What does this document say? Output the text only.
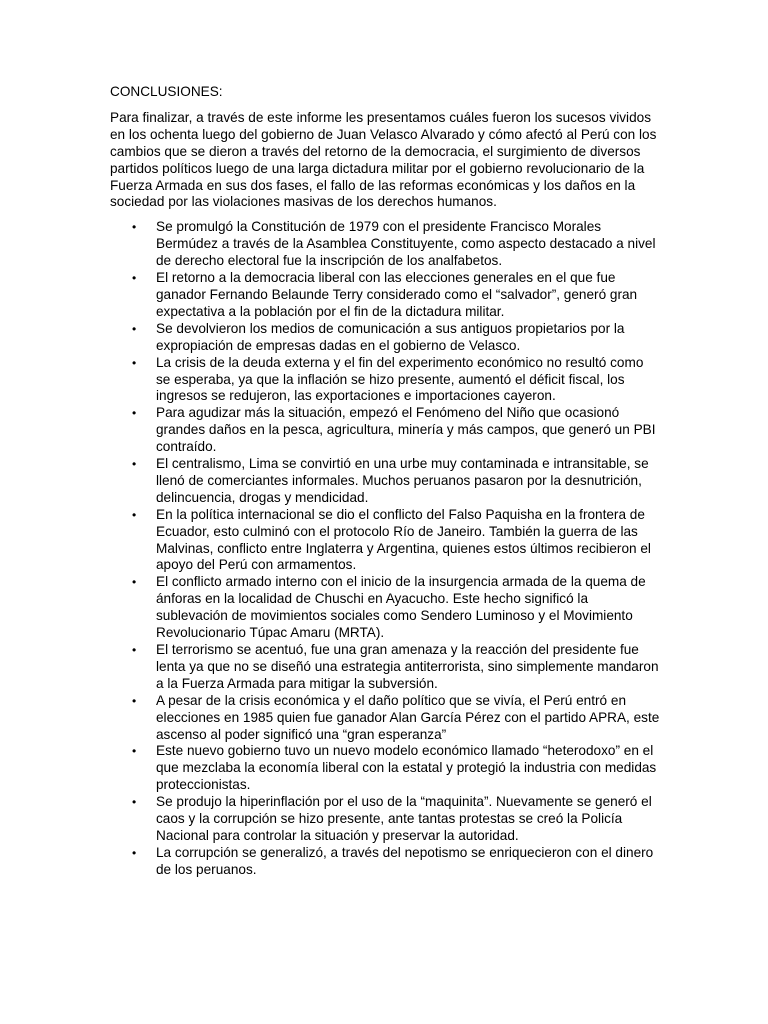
CONCLUSIONES:

Para finalizar, a través de este informe les presentamos cuáles fueron los sucesos vividos en los ochenta luego del gobierno de Juan Velasco Alvarado y cómo afectó al Perú con los cambios que se dieron a través del retorno de la democracia, el surgimiento de diversos partidos políticos luego de una larga dictadura militar por el gobierno revolucionario de la Fuerza Armada en sus dos fases, el fallo de las reformas económicas y los daños en la sociedad por las violaciones masivas de los derechos humanos.

• Se promulgó la Constitución de 1979 con el presidente Francisco Morales Bermúdez a través de la Asamblea Constituyente, como aspecto destacado a nivel de derecho electoral fue la inscripción de los analfabetos.
• El retorno a la democracia liberal con las elecciones generales en el que fue ganador Fernando Belaunde Terry considerado como el “salvador”, generó gran expectativa a la población por el fin de la dictadura militar.
• Se devolvieron los medios de comunicación a sus antiguos propietarios por la expropiación de empresas dadas en el gobierno de Velasco.
• La crisis de la deuda externa y el fin del experimento económico no resultó como se esperaba, ya que la inflación se hizo presente, aumentó el déficit fiscal, los ingresos se redujeron, las exportaciones e importaciones cayeron.
• Para agudizar más la situación, empezó el Fenómeno del Niño que ocasionó grandes daños en la pesca, agricultura, minería y más campos, que generó un PBI contraído.
• El centralismo, Lima se convirtió en una urbe muy contaminada e intransitable, se llenó de comerciantes informales. Muchos peruanos pasaron por la desnutrición, delincuencia, drogas y mendicidad.
• En la política internacional se dio el conflicto del Falso Paquisha en la frontera de Ecuador, esto culminó con el protocolo Río de Janeiro. También la guerra de las Malvinas, conflicto entre Inglaterra y Argentina, quienes estos últimos recibieron el apoyo del Perú con armamentos.
• El conflicto armado interno con el inicio de la insurgencia armada de la quema de ánforas en la localidad de Chuschi en Ayacucho. Este hecho significó la sublevación de movimientos sociales como Sendero Luminoso y el Movimiento Revolucionario Túpac Amaru (MRTA).
• El terrorismo se acentuó, fue una gran amenaza y la reacción del presidente fue lenta ya que no se diseñó una estrategia antiterrorista, sino simplemente mandaron a la Fuerza Armada para mitigar la subversión.
• A pesar de la crisis económica y el daño político que se vivía, el Perú entró en elecciones en 1985 quien fue ganador Alan García Pérez con el partido APRA, este ascenso al poder significó una “gran esperanza”
• Este nuevo gobierno tuvo un nuevo modelo económico llamado “heterodoxo” en el que mezclaba la economía liberal con la estatal y protegió la industria con medidas proteccionistas.
• Se produjo la hiperinflación por el uso de la “maquinita”. Nuevamente se generó el caos y la corrupción se hizo presente, ante tantas protestas se creó la Policía Nacional para controlar la situación y preservar la autoridad.
• La corrupción se generalizó, a través del nepotismo se enriquecieron con el dinero de los peruanos.
